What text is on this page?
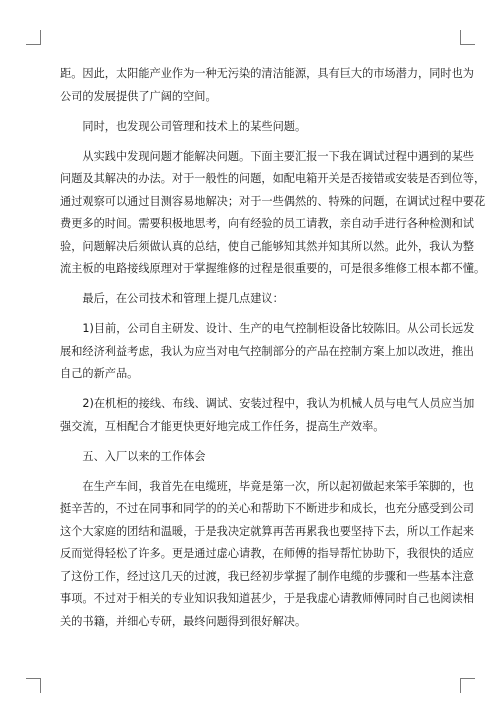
距。因此，太阳能产业作为一种无污染的清洁能源，具有巨大的市场潜力，同时也为
公司的发展提供了广阔的空间。
同时，也发现公司管理和技术上的某些问题。
从实践中发现问题才能解决问题。下面主要汇报一下我在调试过程中遇到的某些
问题及其解决的办法。对于一般性的问题，如配电箱开关是否接错或安装是否到位等，
通过观察可以通过目测容易地解决；对于一些偶然的、特殊的问题，在调试过程中要花
费更多的时间。需要积极地思考，向有经验的员工请教，亲自动手进行各种检测和试
验，问题解决后须做认真的总结，使自己能够知其然并知其所以然。此外，我认为整
流主板的电路接线原理对于掌握维修的过程是很重要的，可是很多维修工根本都不懂。
最后，在公司技术和管理上提几点建议：
1)目前，公司自主研发、设计、生产的电气控制柜设备比较陈旧。从公司长远发
展和经济利益考虑，我认为应当对电气控制部分的产品在控制方案上加以改进，推出
自己的新产品。
2)在机柜的接线、布线、调试、安装过程中，我认为机械人员与电气人员应当加
强交流，互相配合才能更快更好地完成工作任务，提高生产效率。
五、入厂以来的工作体会
在生产车间，我首先在电缆班，毕竟是第一次，所以起初做起来笨手笨脚的，也
挺辛苦的，不过在同事和同学的的关心和帮助下不断进步和成长，也充分感受到公司
这个大家庭的团结和温暖，于是我决定就算再苦再累我也要坚持下去，所以工作起来
反而觉得轻松了许多。更是通过虚心请教，在师傅的指导帮忙协助下，我很快的适应
了这份工作，经过这几天的过渡，我已经初步掌握了制作电缆的步骤和一些基本注意
事项。不过对于相关的专业知识我知道甚少，于是我虚心请教师傅同时自己也阅读相
关的书籍，并细心专研，最终问题得到很好解决。
